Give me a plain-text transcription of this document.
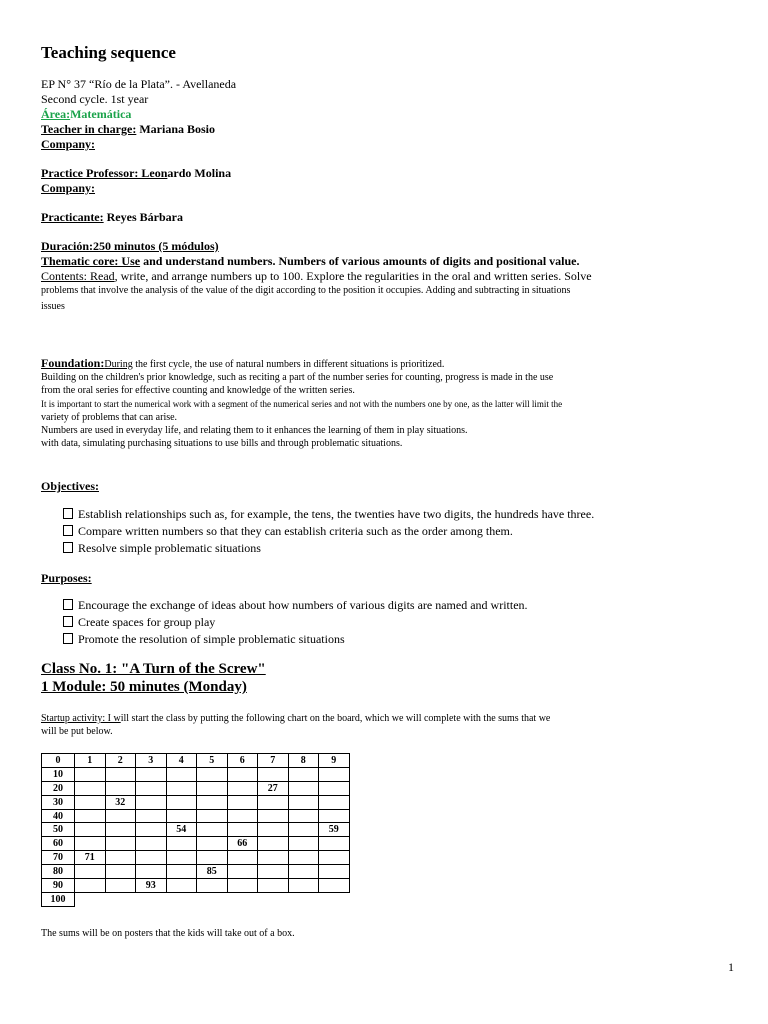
Teaching sequence
EP N° 37 “Río de la Plata”. - Avellaneda
Second cycle. 1st year
Área:Matemática
Teacher in charge: Mariana Bosio
Company:
Practice Professor: Leonardo Molina
Company:
Practicante: Reyes Bárbara
Duración:250 minutos (5 módulos)
Thematic core: Use and understand numbers. Numbers of various amounts of digits and positional value.
Contents: Read, write, and arrange numbers up to 100. Explore the regularities in the oral and written series. Solve
problems that involve the analysis of the value of the digit according to the position it occupies. Adding and subtracting in situations
issues
Foundation:During the first cycle, the use of natural numbers in different situations is prioritized.
Building on the children's prior knowledge, such as reciting a part of the number series for counting, progress is made in the use
from the oral series for effective counting and knowledge of the written series.
It is important to start the numerical work with a segment of the numerical series and not with the numbers one by one, as the latter will limit the
variety of problems that can arise.
Numbers are used in everyday life, and relating them to it enhances the learning of them in play situations.
with data, simulating purchasing situations to use bills and through problematic situations.
Objectives:
Establish relationships such as, for example, the tens, the twenties have two digits, the hundreds have three.
Compare written numbers so that they can establish criteria such as the order among them.
Resolve simple problematic situations
Purposes:
Encourage the exchange of ideas about how numbers of various digits are named and written.
Create spaces for group play
Promote the resolution of simple problematic situations
Class No. 1: "A Turn of the Screw"
1 Module: 50 minutes (Monday)
Startup activity: I will start the class by putting the following chart on the board, which we will complete with the sums that we
will be put below.
0	1	2	3	4	5	6	7	8	9
10									
20							27		
30		32							
40									
50				54					59
60						66			
70	71								
80					85				
90			93						
100									
The sums will be on posters that the kids will take out of a box.
1
